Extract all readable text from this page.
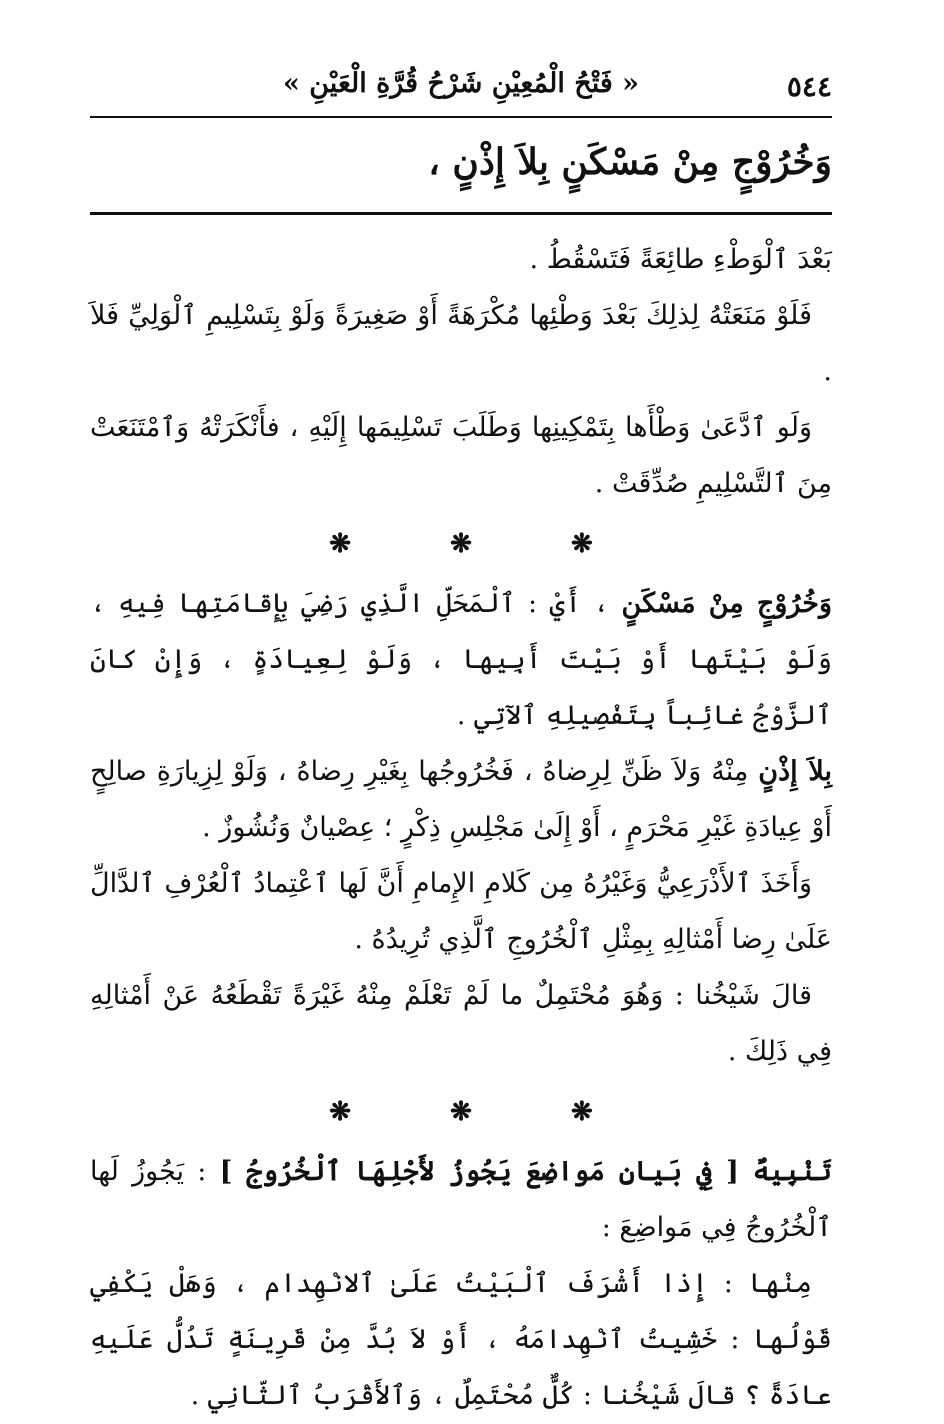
٥٤٤
« فَتْحُ الْمُعِيْنِ شَرْحُ قُرَّةِ الْعَيْنِ »
وَخُرُوْجٍ مِنْ مَسْكَنٍ بِلاَ إِذْنٍ ،

بَعْدَ ٱلْوَطْءِ طائِعَةً فَتَسْقُطُ .

فَلَوْ مَنَعَتْهُ لِذلِكَ بَعْدَ وَطْئِها مُكْرَهَةً أَوْ صَغِيرَةً وَلَوْ بِتَسْلِيمِ ٱلْوَلِيِّ فَلاَ .

وَلَو ٱدَّعَىٰ وَطْأَها بِتَمْكِينِها وَطَلَبَ تَسْلِيمَها إِلَيْهِ ، فأَنْكَرَتْهُ وَٱمْتَنَعَتْ مِنَ ٱلتَّسْلِيمِ صُدِّقَتْ .

❋ ❋ ❋

وَخُرُوْجٍ مِنْ مَسْكَنٍ ، أَيْ : ٱلْمَحَلِّ الَّذِي رَضِيَ بِإِقامَتِها فِيهِ ، وَلَوْ بَيْتَها أَوْ بَيْتَ أَبِيها ، وَلَوْ لِعِيادَةٍ ، وَإِنْ كانَ ٱلزَّوْجُ غائِباً بِتَفْصِيلِهِ ٱلآتِي .

بِلاَ إِذْنٍ مِنْهُ وَلاَ ظَنِّ لِرِضاهُ ، فَخُرُوجُها بِغَيْرِ رِضاهُ ، وَلَوْ لِزِيارَةِ صالِحٍ أَوْ عِيادَةِ غَيْرِ مَحْرَمٍ ، أَوْ إِلَىٰ مَجْلِسِ ذِكْرٍ ؛ عِصْيانٌ وَنُشُوزٌ .

وَأَخَذَ ٱلأَذْرَعِيُّ وَغَيْرُهُ مِن كَلامِ الإِمامِ أَنَّ لَها ٱعْتِمادُ ٱلْعُرْفِ ٱلدَّالِّ عَلَىٰ رِضا أَمْثالِهِ بِمِثْلِ ٱلْخُرُوجِ ٱلَّذِي تُرِيدُهُ .

قالَ شَيْخُنا : وَهُوَ مُحْتَمِلٌ ما لَمْ تَعْلَمْ مِنْهُ غَيْرَةً تَقْطَعُهُ عَنْ أَمْثالِهِ فِي ذَلِكَ .

❋ ❋ ❋

تَنْبِيهٌ [ فِي بَيانِ مَواضِعَ يَجُوزُ لأَجْلِهَا ٱلْخُرُوجُ ] : يَجُوزُ لَها ٱلْخُرُوجُ فِي مَواضِعَ :

مِنْها : إِذا أَشْرَفَ ٱلْبَيْتُ عَلَىٰ ٱلانْهِدام ، وَهَلْ يَكْفِي قَوْلُها : خَشِيتُ ٱنْهِدامَهُ ، أَوْ لاَ بُدَّ مِنْ قَرِينَةٍ تَدُلُّ عَلَيهِ عادَةً ؟ قالَ شَيْخُنا : كُلٌّ مُحْتَمِلٌ ، وَٱلأَقْرَبُ ٱلثّانِي .
